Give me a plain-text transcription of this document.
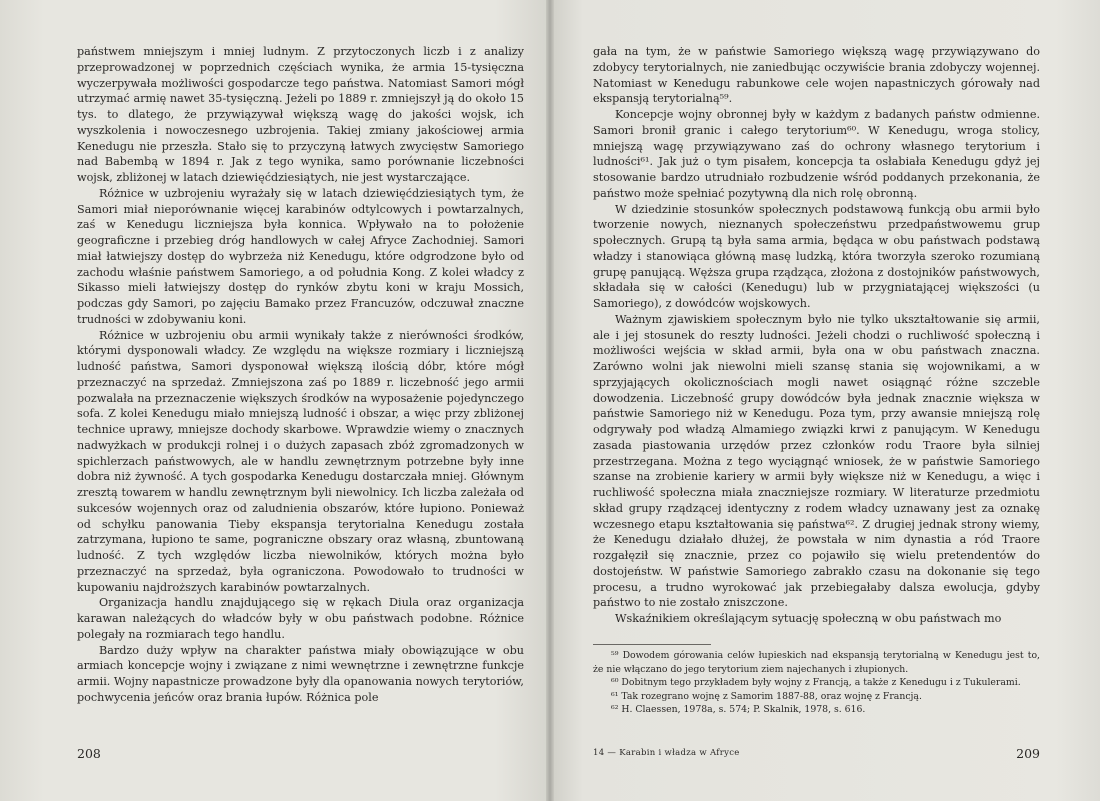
państwem mniejszym i mniej ludnym. Z przytoczonych liczb i z analizy przeprowadzonej w poprzednich częściach wynika, że armia 15-tysięczna wyczerpywała możliwości gospodarcze tego państwa. Natomiast Samori mógł utrzymać armię nawet 35-tysięczną. Jeżeli po 1889 r. zmniejszył ją do około 15 tys. to dlatego, że przywiązywał większą wagę do jakości wojsk, ich wyszkolenia i nowoczesnego uzbrojenia. Takiej zmiany jakościowej armia Kenedugu nie przeszła. Stało się to przyczyną łatwych zwycięstw Samoriego nad Babembą w 1894 r. Jak z tego wynika, samo porównanie liczebności wojsk, zbliżonej w latach dziewięćdziesiątych, nie jest wystarczające.

Różnice w uzbrojeniu wyrażały się w latach dziewięćdziesiątych tym, że Samori miał nieporównanie więcej karabinów odtylcowych i powtarzalnych, zaś w Kenedugu liczniejsza była konnica. Wpływało na to położenie geograficzne i przebieg dróg handlowych w całej Afryce Zachodniej. Samori miał łatwiejszy dostęp do wybrzeża niż Kenedugu, które odgrodzone było od zachodu właśnie państwem Samoriego, a od południa Kong. Z kolei władcy z Sikasso mieli łatwiejszy dostęp do rynków zbytu koni w kraju Mossich, podczas gdy Samori, po zajęciu Bamako przez Francuzów, odczuwał znaczne trudności w zdobywaniu koni.

Różnice w uzbrojeniu obu armii wynikały także z nierówności środków, którymi dysponowali władcy. Ze względu na większe rozmiary i liczniejszą ludność państwa, Samori dysponował większą ilością dóbr, które mógł przeznaczyć na sprzedaż. Zmniejszona zaś po 1889 r. liczebność jego armii pozwalała na przeznaczenie większych środków na wyposażenie pojedynczego sofa. Z kolei Kenedugu miało mniejszą ludność i obszar, a więc przy zbliżonej technice uprawy, mniejsze dochody skarbowe. Wprawdzie wiemy o znacznych nadwyżkach w produkcji rolnej i o dużych zapasach zbóż zgromadzonych w spichlerzach państwowych, ale w handlu zewnętrznym potrzebne były inne dobra niż żywność. A tych gospodarka Kenedugu dostarczała mniej. Głównym zresztą towarem w handlu zewnętrznym byli niewolnicy. Ich liczba zależała od sukcesów wojennych oraz od zaludnienia obszarów, które łupiono. Ponieważ od schyłku panowania Tieby ekspansja terytorialna Kenedugu została zatrzymana, łupiono te same, pograniczne obszary oraz własną, zbuntowaną ludność. Z tych względów liczba niewolników, których można było przeznaczyć na sprzedaż, była ograniczona. Powodowało to trudności w kupowaniu najdroższych karabinów powtarzalnych.

Organizacja handlu znajdującego się w rękach Diula oraz organizacja karawan należących do władców były w obu państwach podobne. Różnice polegały na rozmiarach tego handlu.

Bardzo duży wpływ na charakter państwa miały obowiązujące w obu armiach koncepcje wojny i związane z nimi wewnętrzne i zewnętrzne funkcje armii. Wojny napastnicze prowadzone były dla opanowania nowych terytoriów, pochwycenia jeńców oraz brania łupów. Różnica pole

208

gała na tym, że w państwie Samoriego większą wagę przywiązywano do zdobycy terytorialnych, nie zaniedbując oczywiście brania zdobyczy wojennej. Natomiast w Kenedugu rabunkowe cele wojen napastniczych górowały nad ekspansją terytorialną⁵⁹.

Koncepcje wojny obronnej były w każdym z badanych państw odmienne. Samori bronił granic i całego terytorium⁶⁰. W Kenedugu, wroga stolicy, mniejszą wagę przywiązywano zaś do ochrony własnego terytorium i ludności⁶¹. Jak już o tym pisałem, koncepcja ta osłabiała Kenedugu gdyż jej stosowanie bardzo utrudniało rozbudzenie wśród poddanych przekonania, że państwo może spełniać pozytywną dla nich rolę obronną.

W dziedzinie stosunków społecznych podstawową funkcją obu armii było tworzenie nowych, nieznanych społeczeństwu przedpaństwowemu grup społecznych. Grupą tą była sama armia, będąca w obu państwach podstawą władzy i stanowiąca główną masę ludzką, która tworzyła szeroko rozumianą grupę panującą. Węższa grupa rządząca, złożona z dostojników państwowych, składała się w całości (Kenedugu) lub w przygniatającej większości (u Samoriego), z dowódców wojskowych.

Ważnym zjawiskiem społecznym było nie tylko ukształtowanie się armii, ale i jej stosunek do reszty ludności. Jeżeli chodzi o ruchliwość społeczną i możliwości wejścia w skład armii, była ona w obu państwach znaczna. Zarówno wolni jak niewolni mieli szansę stania się wojownikami, a w sprzyjających okolicznościach mogli nawet osiągnąć różne szczeble dowodzenia. Liczebność grupy dowódców była jednak znacznie większa w państwie Samoriego niż w Kenedugu. Poza tym, przy awansie mniejszą rolę odgrywały pod władzą Almamiego związki krwi z panującym. W Kenedugu zasada piastowania urzędów przez członków rodu Traore była silniej przestrzegana. Można z tego wyciągnąć wniosek, że w państwie Samoriego szanse na zrobienie kariery w armii były większe niż w Kenedugu, a więc i ruchliwość społeczna miała znaczniejsze rozmiary. W literaturze przedmiotu skład grupy rządzącej identyczny z rodem władcy uznawany jest za oznakę wczesnego etapu kształtowania się państwa⁶². Z drugiej jednak strony wiemy, że Kenedugu działało dłużej, że powstała w nim dynastia a ród Traore rozgałęził się znacznie, przez co pojawiło się wielu pretendentów do dostojeństw. W państwie Samoriego zabrakło czasu na dokonanie się tego procesu, a trudno wyrokować jak przebiegałaby dalsza ewolucja, gdyby państwo to nie zostało zniszczone.

Wskaźnikiem określającym sytuację społeczną w obu państwach mo

⁵⁹ Dowodem górowania celów łupieskich nad ekspansją terytorialną w Kenedugu jest to, że nie włączano do jego terytorium ziem najechanych i złupionych.
⁶⁰ Dobitnym tego przykładem były wojny z Francją, a także z Kenedugu i z Tukulerami.
⁶¹ Tak rozegrano wojnę z Samorim 1887-88, oraz wojnę z Francją.
⁶² H. Claessen, 1978a, s. 574; P. Skalnik, 1978, s. 616.
14 — Karabin i władza w Afryce	209
